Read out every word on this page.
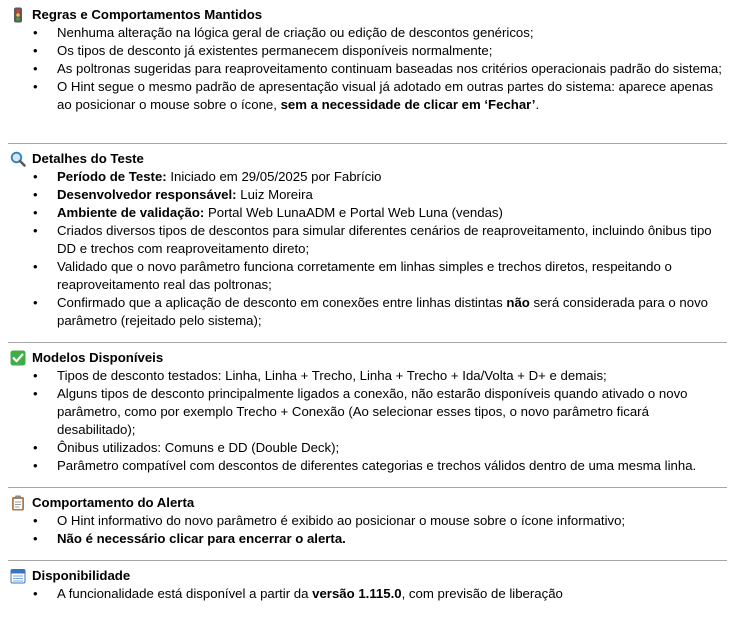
Regras e Comportamentos Mantidos
• Nenhuma alteração na lógica geral de criação ou edição de descontos genéricos;
• Os tipos de desconto já existentes permanecem disponíveis normalmente;
• As poltronas sugeridas para reaproveitamento continuam baseadas nos critérios operacionais padrão do sistema;
• O Hint segue o mesmo padrão de apresentação visual já adotado em outras partes do sistema: aparece apenas ao posicionar o mouse sobre o ícone, sem a necessidade de clicar em ‘Fechar’.
Detalhes do Teste
• Período de Teste: Iniciado em 29/05/2025 por Fabrício
• Desenvolvedor responsável: Luiz Moreira
• Ambiente de validação: Portal Web LunaADM e Portal Web Luna (vendas)
• Criados diversos tipos de descontos para simular diferentes cenários de reaproveitamento, incluindo ônibus tipo DD e trechos com reaproveitamento direto;
• Validado que o novo parâmetro funciona corretamente em linhas simples e trechos diretos, respeitando o reaproveitamento real das poltronas;
• Confirmado que a aplicação de desconto em conexões entre linhas distintas não será considerada para o novo parâmetro (rejeitado pelo sistema);
Modelos Disponíveis
• Tipos de desconto testados: Linha, Linha + Trecho, Linha + Trecho + Ida/Volta + D+ e demais;
• Alguns tipos de desconto principalmente ligados a conexão, não estarão disponíveis quando ativado o novo parâmetro, como por exemplo Trecho + Conexão (Ao selecionar esses tipos, o novo parâmetro ficará desabilitado);
• Ônibus utilizados: Comuns e DD (Double Deck);
• Parâmetro compatível com descontos de diferentes categorias e trechos válidos dentro de uma mesma linha.
Comportamento do Alerta
• O Hint informativo do novo parâmetro é exibido ao posicionar o mouse sobre o ícone informativo;
• Não é necessário clicar para encerrar o alerta.
Disponibilidade
• A funcionalidade está disponível a partir da versão 1.115.0, com previsão de liberação
